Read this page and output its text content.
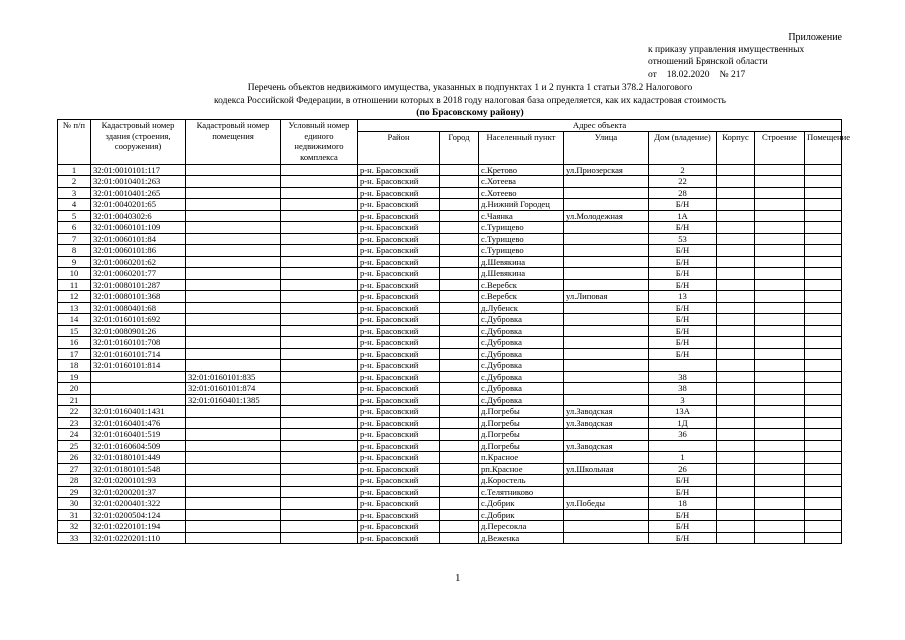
Приложение
к приказу управления имущественных
отношений Брянской области
от 18.02.2020 № 217
Перечень объектов недвижимого имущества, указанных в подпунктах 1 и 2 пункта 1 статьи 378.2 Налогового
кодекса Российской Федерации, в отношении которых в 2018 году налоговая база определяется, как их кадастровая стоимость
(по Брасовскому району)
№ п/п	Кадастровый номер здания (строения, сооружения)	Кадастровый номер помещения	Условный номер единого недвижимого комплекса	Адрес объекта							
				Район	Город	Населенный пункт	Улица	Дом (владение)	Корпус	Строение	Помещение
1	32:01:0010101:117			р-н. Брасовский		с.Кретово	ул.Приозерская	2			
2	32:01:0010401:263			р-н. Брасовский		с.Хотеева		22			
3	32:01:0010401:265			р-н. Брасовский		с.Хотеево		28			
4	32:01:0040201:65			р-н. Брасовский		д.Нижний Городец		Б/Н			
5	32:01:0040302:6			р-н. Брасовский		с.Чаянка	ул.Молодежная	1А			
6	32:01:0060101:109			р-н. Брасовский		с.Турищево		Б/Н			
7	32:01:0060101:84			р-н. Брасовский		с.Турищево		53			
8	32:01:0060101:86			р-н. Брасовский		с.Турищево		Б/Н			
9	32:01:0060201:62			р-н. Брасовский		д.Шевякина		Б/Н			
10	32:01:0060201:77			р-н. Брасовский		д.Шевякина		Б/Н			
11	32:01:0080101:287			р-н. Брасовский		с.Веребск		Б/Н			
12	32:01:0080101:368			р-н. Брасовский		с.Веребск	ул.Липовая	13			
13	32:01:0080401:68			р-н. Брасовский		д.Лубенск		Б/Н			
14	32:01:0160101:692			р-н. Брасовский		с.Дубровка		Б/Н			
15	32:01:0080901:26			р-н. Брасовский		с.Дубровка		Б/Н			
16	32:01:0160101:708			р-н. Брасовский		с.Дубровка		Б/Н			
17	32:01:0160101:714			р-н. Брасовский		с.Дубровка		Б/Н			
18	32:01:0160101:814			р-н. Брасовский		с.Дубровка					
19		32:01:0160101:835		р-н. Брасовский		с.Дубровка		38			
20		32:01:0160101:874		р-н. Брасовский		с.Дубровка		38			
21		32:01:0160401:1385		р-н. Брасовский		с.Дубровка		3			
22	32:01:0160401:1431			р-н. Брасовский		д.Погребы	ул.Заводская	13А			
23	32:01:0160401:476			р-н. Брасовский		д.Погребы	ул.Заводская	1Д			
24	32:01:0160401:519			р-н. Брасовский		д.Погребы		36			
25	32:01:0160604:509			р-н. Брасовский		д.Погребы	ул.Заводская				
26	32:01:0180101:449			р-н. Брасовский		п.Красное		1			
27	32:01:0180101:548			р-н. Брасовский		рп.Красное	ул.Школьная	26			
28	32:01:0200101:93			р-н. Брасовский		д.Коростель		Б/Н			
29	32:01:0200201:37			р-н. Брасовский		с.Телятниково		Б/Н			
30	32:01:0200401:322			р-н. Брасовский		с.Добрик	ул.Победы	18			
31	32:01:0200504:124			р-н. Брасовский		с.Добрик		Б/Н			
32	32:01:0220101:194			р-н. Брасовский		д.Пересокла		Б/Н			
33	32:01:0220201:110			р-н. Брасовский		д.Веженка		Б/Н			
1
